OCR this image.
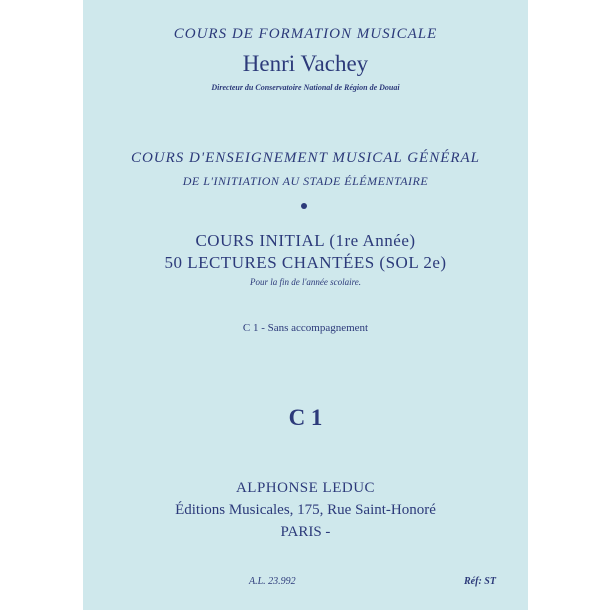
COURS DE FORMATION MUSICALE
Henri Vachey
Directeur du Conservatoire National de Région de Douai
COURS D'ENSEIGNEMENT MUSICAL GÉNÉRAL
DE L'INITIATION AU STADE ÉLÉMENTAIRE
COURS INITIAL (1re Année)
50 LECTURES CHANTÉES (SOL 2e)
Pour la fin de l'année scolaire.
C 1 - Sans accompagnement
C 1
ALPHONSE LEDUC
Éditions Musicales, 175, Rue Saint-Honoré
PARIS -
A.L. 23.992	Réf: ST
